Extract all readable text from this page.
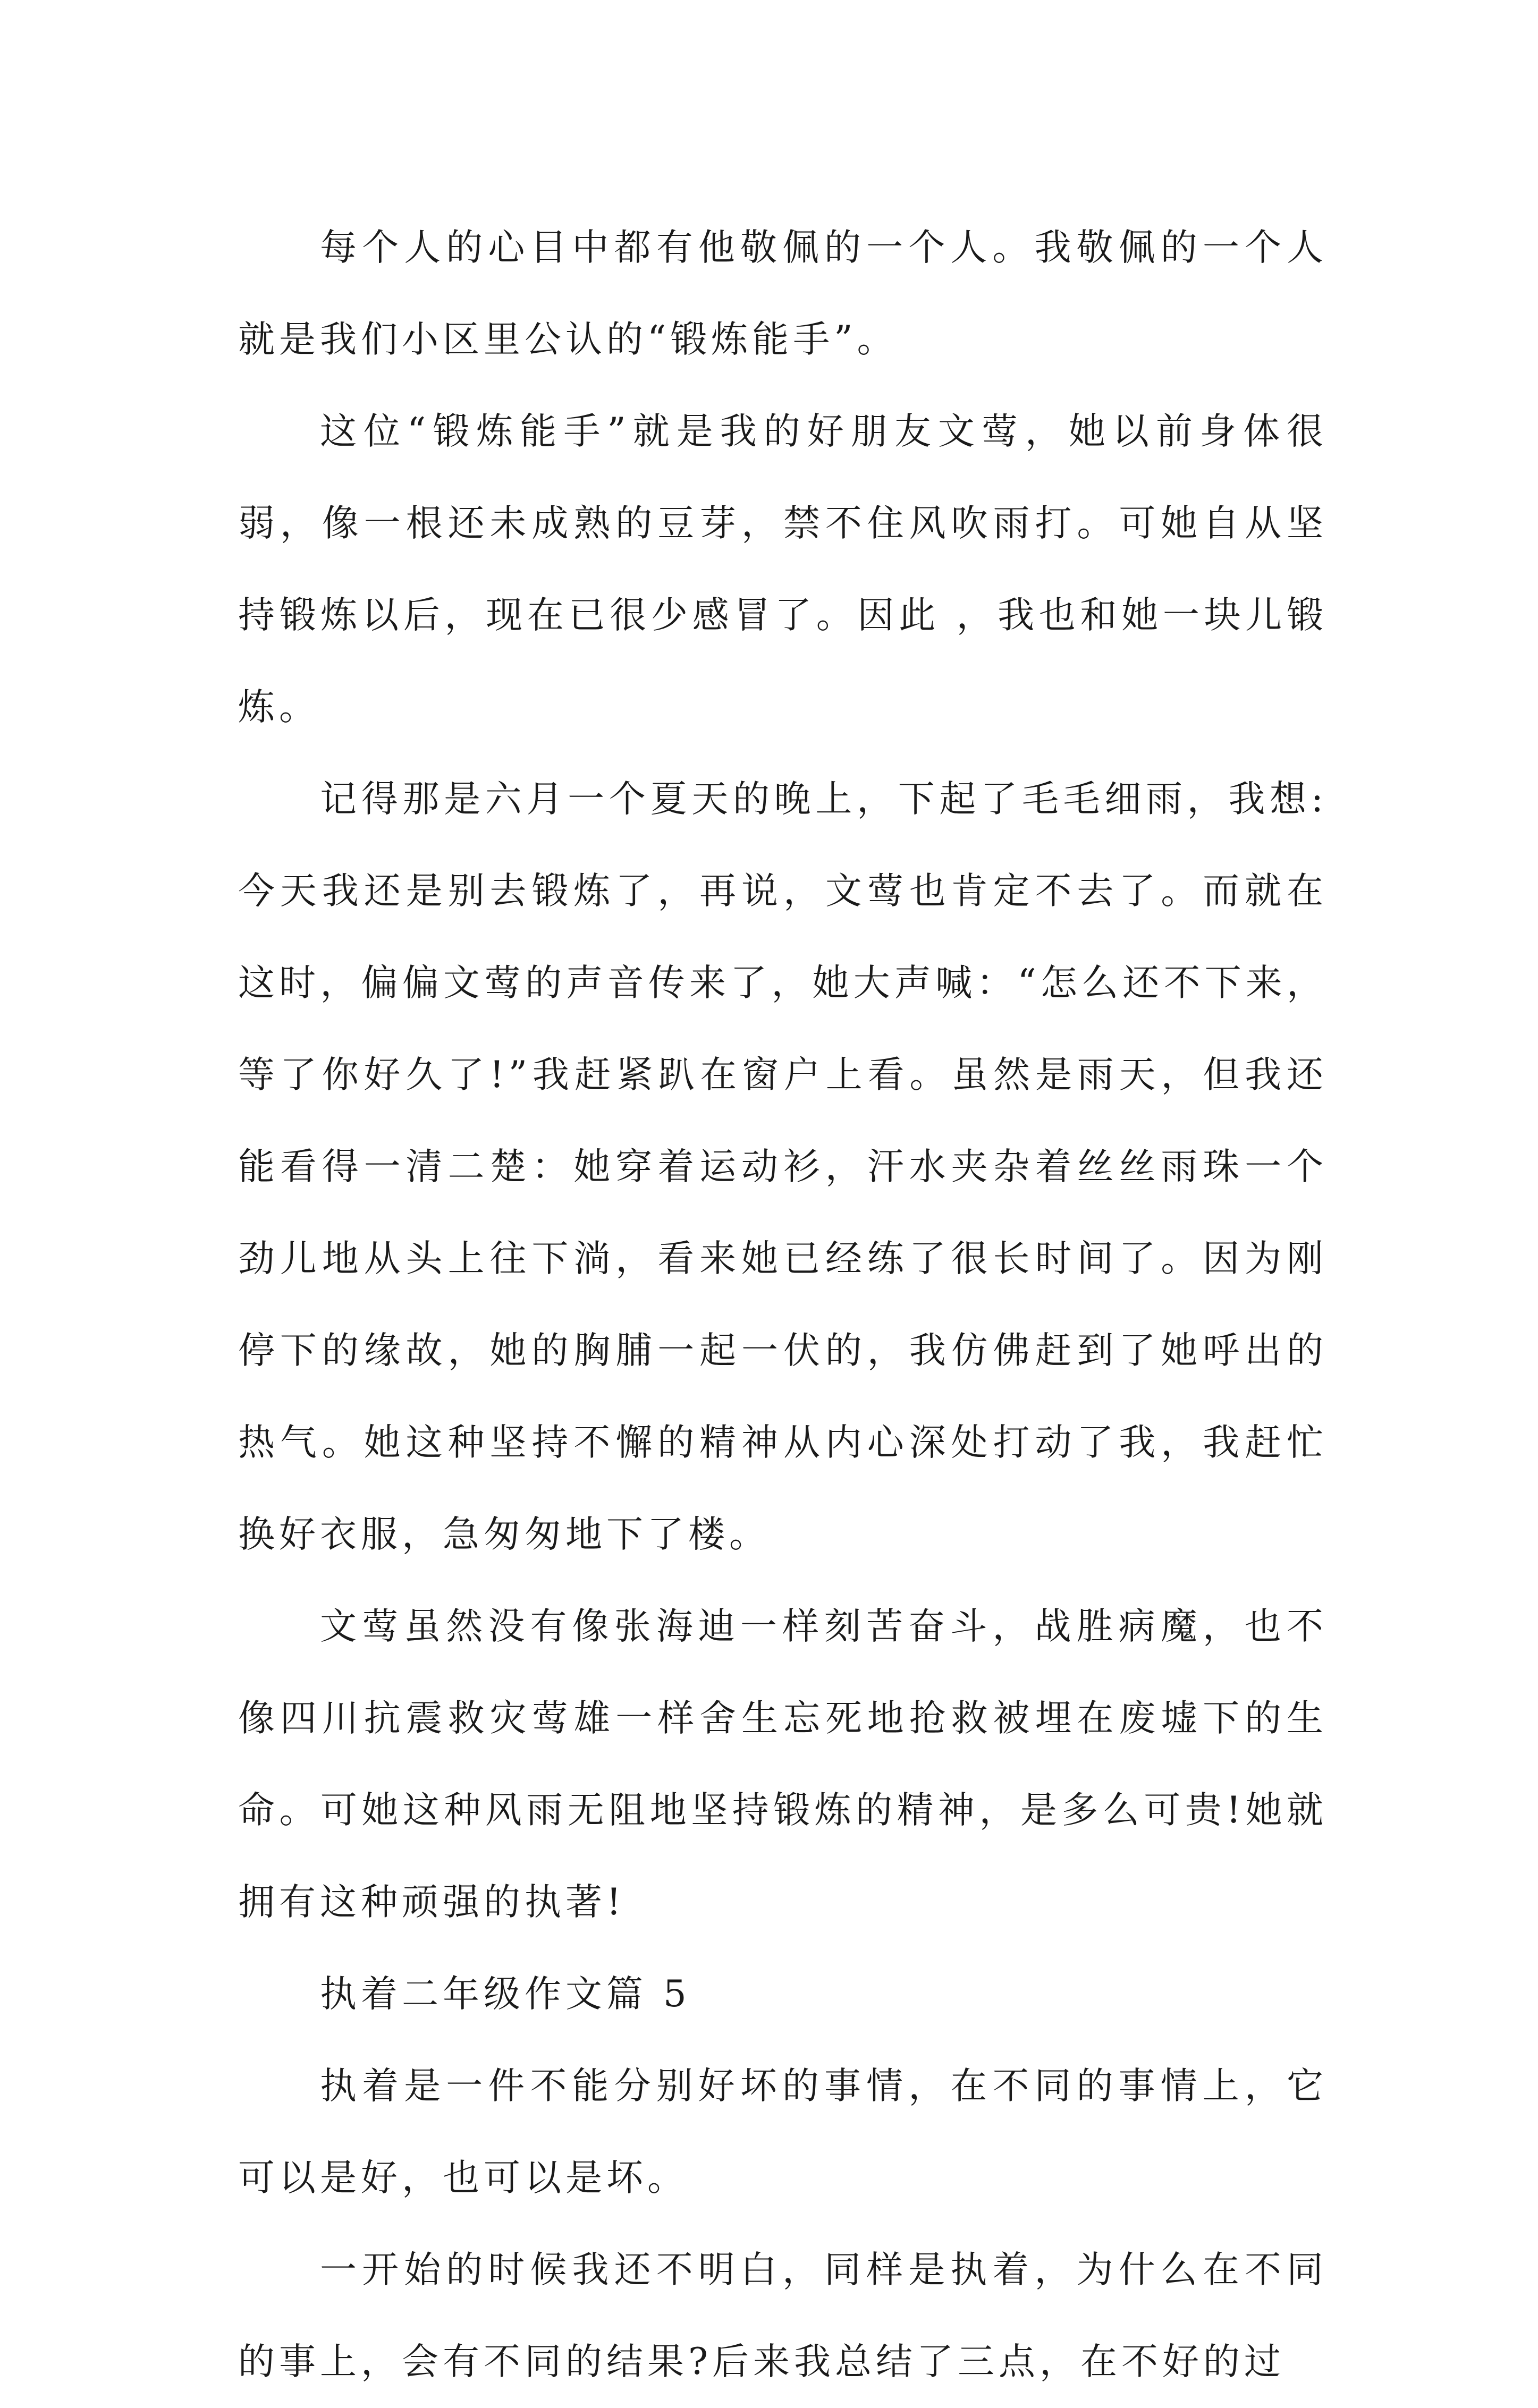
每个人的心目中都有他敬佩的一个人。我敬佩的一个人就是我们小区里公认的“锻炼能手”。

这位“锻炼能手”就是我的好朋友文莺，她以前身体很弱，像一根还未成熟的豆芽，禁不住风吹雨打。可她自从坚持锻炼以后，现在已很少感冒了。因此 ，我也和她一块儿锻炼。

记得那是六月一个夏天的晚上，下起了毛毛细雨，我想:今天我还是别去锻炼了，再说，文莺也肯定不去了。而就在这时，偏偏文莺的声音传来了，她大声喊：“怎么还不下来，等了你好久了!”我赶紧趴在窗户上看。虽然是雨天，但我还能看得一清二楚：她穿着运动衫，汗水夹杂着丝丝雨珠一个劲儿地从头上往下淌，看来她已经练了很长时间了。因为刚停下的缘故，她的胸脯一起一伏的，我仿佛赶到了她呼出的热气。她这种坚持不懈的精神从内心深处打动了我，我赶忙换好衣服，急匆匆地下了楼。

文莺虽然没有像张海迪一样刻苦奋斗，战胜病魔，也不像四川抗震救灾莺雄一样舍生忘死地抢救被埋在废墟下的生命。可她这种风雨无阻地坚持锻炼的精神，是多么可贵!她就拥有这种顽强的执著!

执着二年级作文篇 5

执着是一件不能分别好坏的事情，在不同的事情上，它可以是好，也可以是坏。

一开始的时候我还不明白，同样是执着，为什么在不同的事上，会有不同的结果?后来我总结了三点，在不好的过
